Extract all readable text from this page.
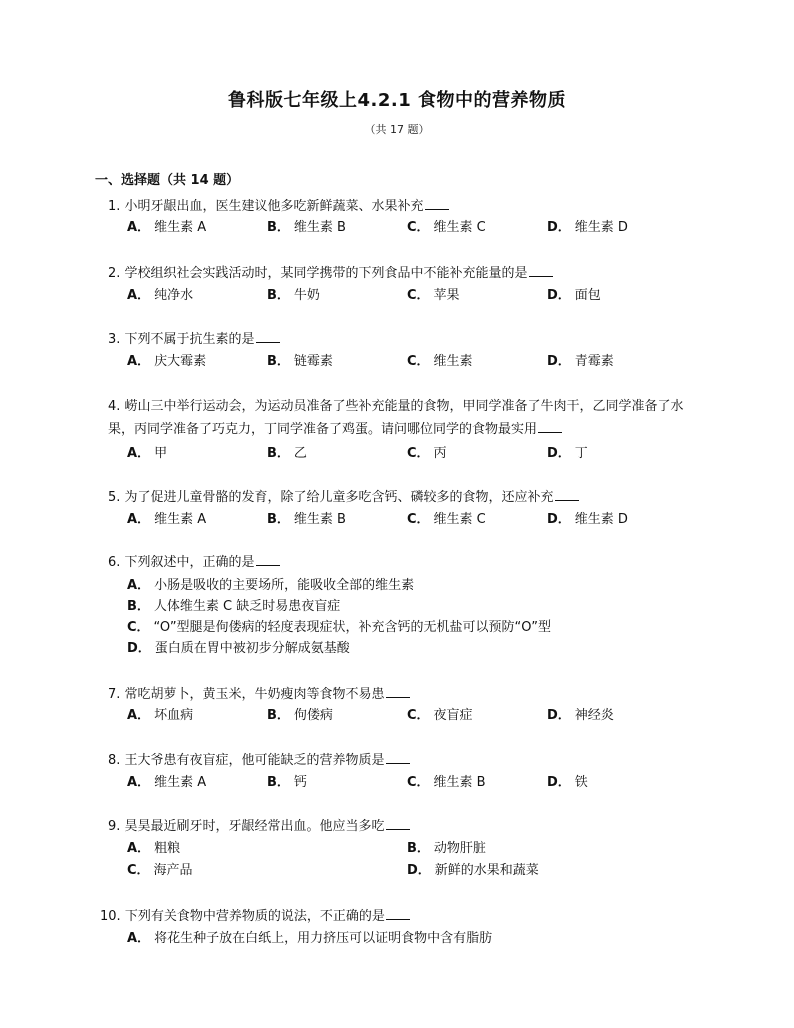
鲁科版七年级上4.2.1 食物中的营养物质
（共 17 题）
一、选择题（共 14 题）
1. 小明牙龈出血，医生建议他多吃新鲜蔬菜、水果补充
A． 维生素 A	B． 维生素 B	C． 维生素 C	D． 维生素 D
2. 学校组织社会实践活动时，某同学携带的下列食品中不能补充能量的是
A． 纯净水	B． 牛奶	C． 苹果	D． 面包
3. 下列不属于抗生素的是
A． 庆大霉素	B． 链霉素	C． 维生素	D． 青霉素
4. 崂山三中举行运动会，为运动员准备了些补充能量的食物，甲同学准备了牛肉干，乙同学准备了水果，丙同学准备了巧克力，丁同学准备了鸡蛋。请问哪位同学的食物最实用
A． 甲	B． 乙	C． 丙	D． 丁
5. 为了促进儿童骨骼的发育，除了给儿童多吃含钙、磷较多的食物，还应补充
A． 维生素 A	B． 维生素 B	C． 维生素 C	D． 维生素 D
6. 下列叙述中，正确的是
A． 小肠是吸收的主要场所，能吸收全部的维生素
B． 人体维生素 C 缺乏时易患夜盲症
C． “O”型腿是佝偻病的轻度表现症状，补充含钙的无机盐可以预防“O”型
D． 蛋白质在胃中被初步分解成氨基酸
7. 常吃胡萝卜，黄玉米，牛奶瘦肉等食物不易患
A． 坏血病	B． 佝偻病	C． 夜盲症	D． 神经炎
8. 王大爷患有夜盲症，他可能缺乏的营养物质是
A． 维生素 A	B． 钙	C． 维生素 B	D． 铁
9. 昊昊最近刷牙时，牙龈经常出血。他应当多吃
A． 粗粮	B． 动物肝脏
C． 海产品	D． 新鲜的水果和蔬菜
10. 下列有关食物中营养物质的说法，不正确的是
A． 将花生种子放在白纸上，用力挤压可以证明食物中含有脂肪
